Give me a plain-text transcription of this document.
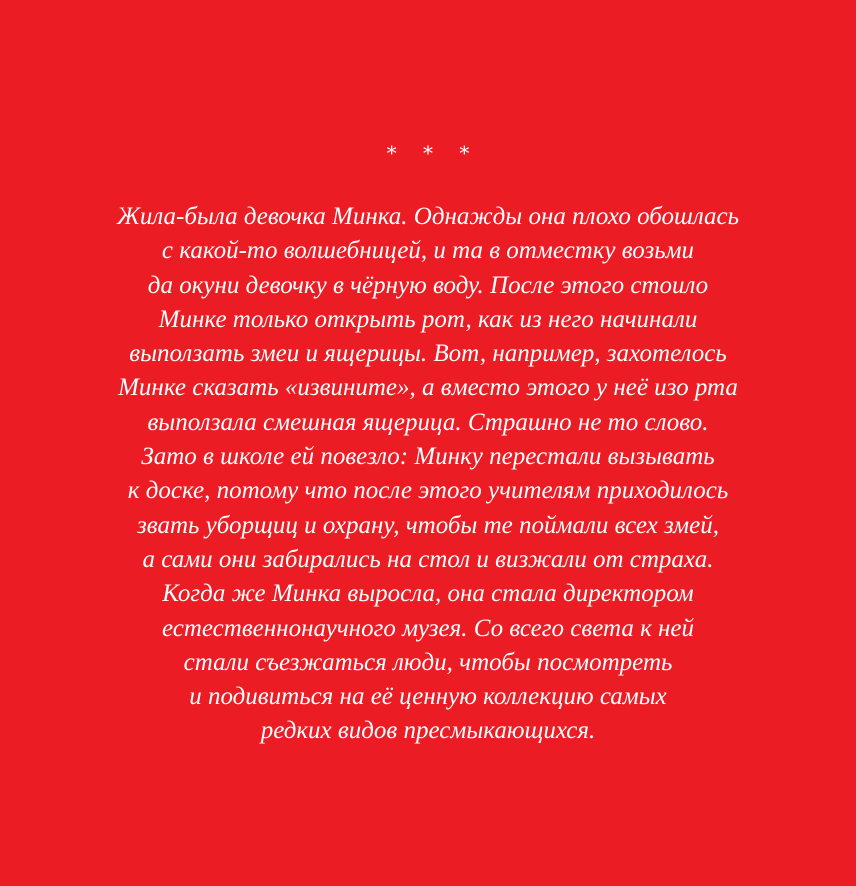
* * *
Жила-была девочка Минка. Однажды она плохо обошлась
с какой-то волшебницей, и та в отместку возьми
да окуни девочку в чёрную воду. После этого стоило
Минке только открыть рот, как из него начинали
выползать змеи и ящерицы. Вот, например, захотелось
Минке сказать «извините», а вместо этого у неё изо рта
выползала смешная ящерица. Страшно не то слово.
Зато в школе ей повезло: Минку перестали вызывать
к доске, потому что после этого учителям приходилось
звать уборщиц и охрану, чтобы те поймали всех змей,
а сами они забирались на стол и визжали от страха.
Когда же Минка выросла, она стала директором
естественнонаучного музея. Со всего света к ней
стали съезжаться люди, чтобы посмотреть
и подивиться на её ценную коллекцию самых
редких видов пресмыкающихся.
